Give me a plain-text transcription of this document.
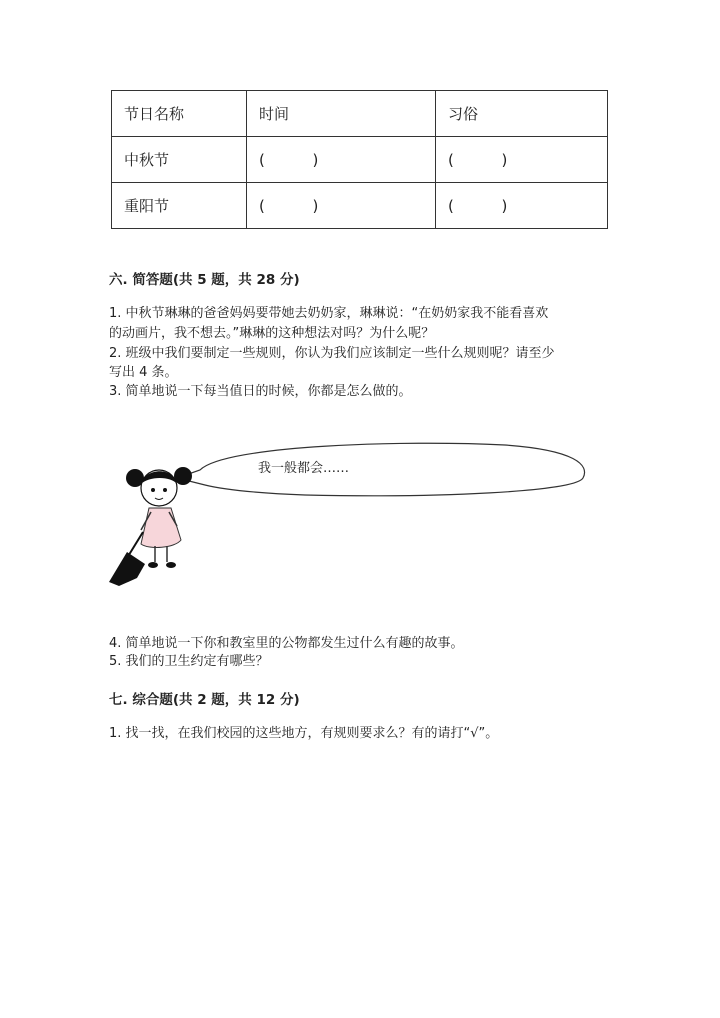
节日名称	时间	习俗
中秋节	(          )	(          )
重阳节	(          )	(          )
六. 简答题(共 5 题，共 28 分)
1. 中秋节琳琳的爸爸妈妈要带她去奶奶家，琳琳说：“在奶奶家我不能看喜欢
的动画片，我不想去。”琳琳的这种想法对吗？为什么呢？
2. 班级中我们要制定一些规则，你认为我们应该制定一些什么规则呢？请至少
写出 4 条。
3. 简单地说一下每当值日的时候，你都是怎么做的。
我一般都会……
4. 简单地说一下你和教室里的公物都发生过什么有趣的故事。
5. 我们的卫生约定有哪些？
七. 综合题(共 2 题，共 12 分)
1. 找一找，在我们校园的这些地方，有规则要求么？有的请打“√”。
